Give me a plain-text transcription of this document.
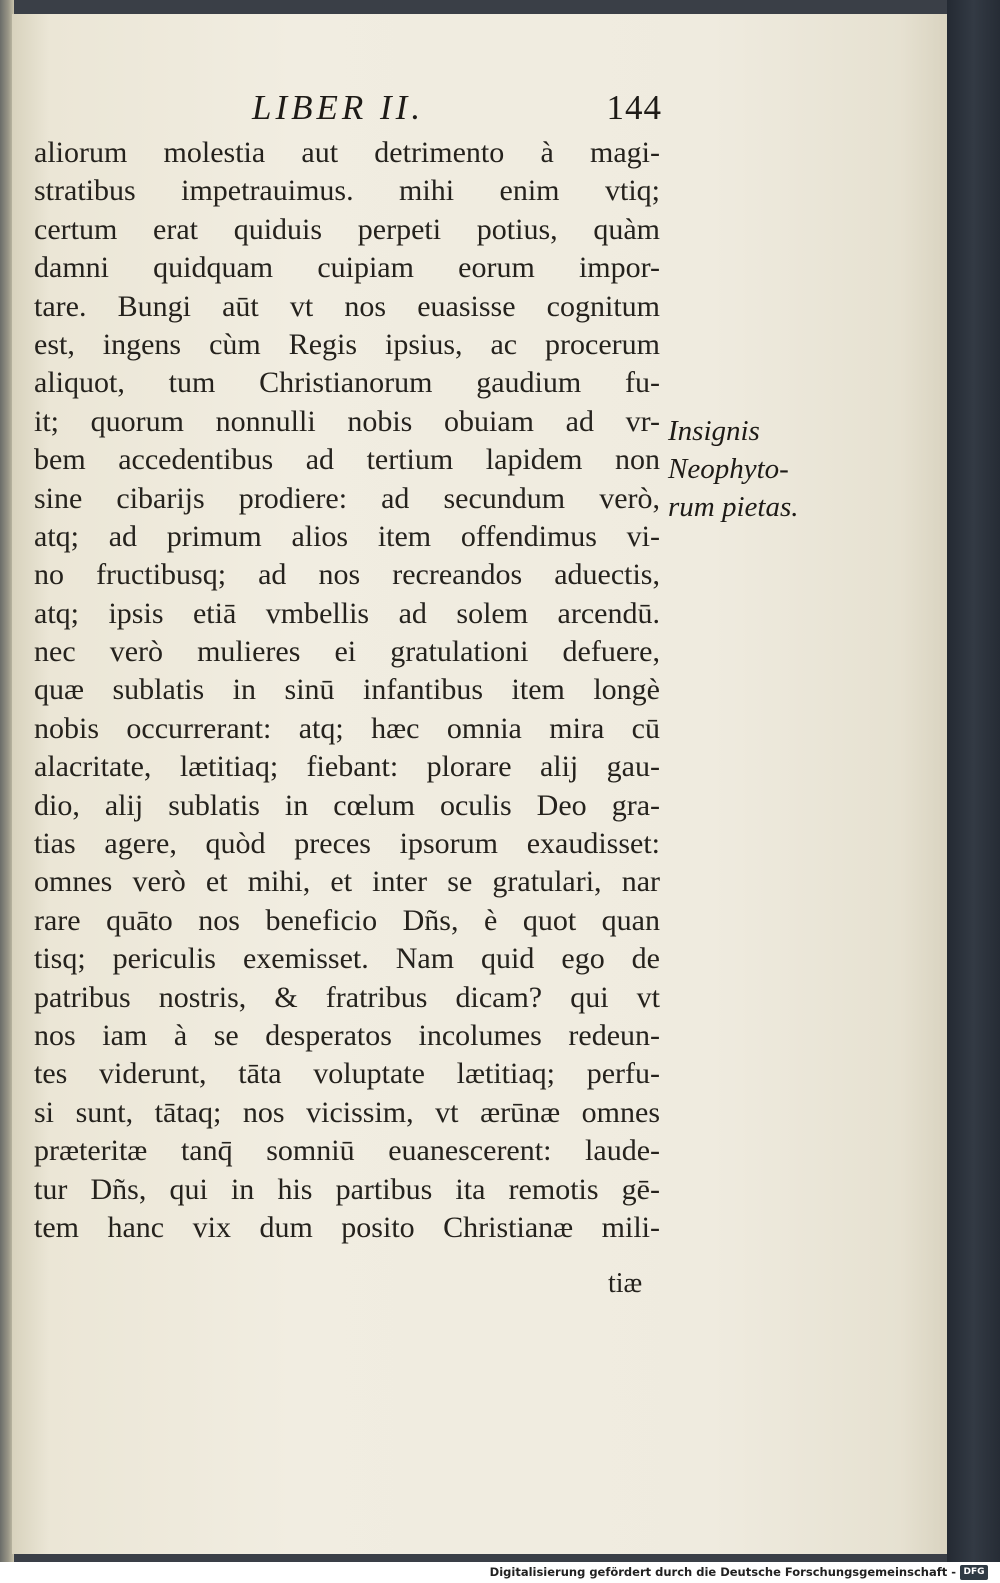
LIBER II.	144
aliorum molestia aut detrimento à magi-
stratibus impetrauimus. mihi enim vtiq;
certum erat quiduis perpeti potius, quàm
damni quidquam cuipiam eorum impor-
tare. Bungi aūt vt nos euasisse cognitum
est, ingens cùm Regis ipsius, ac procerum
aliquot, tum Christianorum gaudium fu-
it; quorum nonnulli nobis obuiam ad vr-
bem accedentibus ad tertium lapidem non
sine cibarijs prodiere: ad secundum verò,
atq; ad primum alios item offendimus vi-
no fructibusq; ad nos recreandos aduectis,
atq; ipsis etiā vmbellis ad solem arcendū.
nec verò mulieres ei gratulationi defuere,
quæ sublatis in sinū infantibus item longè
nobis occurrerant: atq; hæc omnia mira cū
alacritate, lætitiaq; fiebant: plorare alij gau-
dio, alij sublatis in cœlum oculis Deo gra-
tias agere, quòd preces ipsorum exaudisset:
omnes verò et mihi, et inter se gratulari, nar
rare quāto nos beneficio Dñs, è quot quan
tisq; periculis exemisset. Nam quid ego de
patribus nostris, & fratribus dicam? qui vt
nos iam à se desperatos incolumes redeun-
tes viderunt, tāta voluptate lætitiaq; perfu-
si sunt, tātaq; nos vicissim, vt ærūnæ omnes
præteritæ tanq̄ somniū euanescerent: laude-
tur Dñs, qui in his partibus ita remotis gē-
tem hanc vix dum posito Christianæ mili-
tiæ
Insignis
Neophyto-
rum pietas.
Digitalisierung gefördert durch die Deutsche Forschungsgemeinschaft - DFG
